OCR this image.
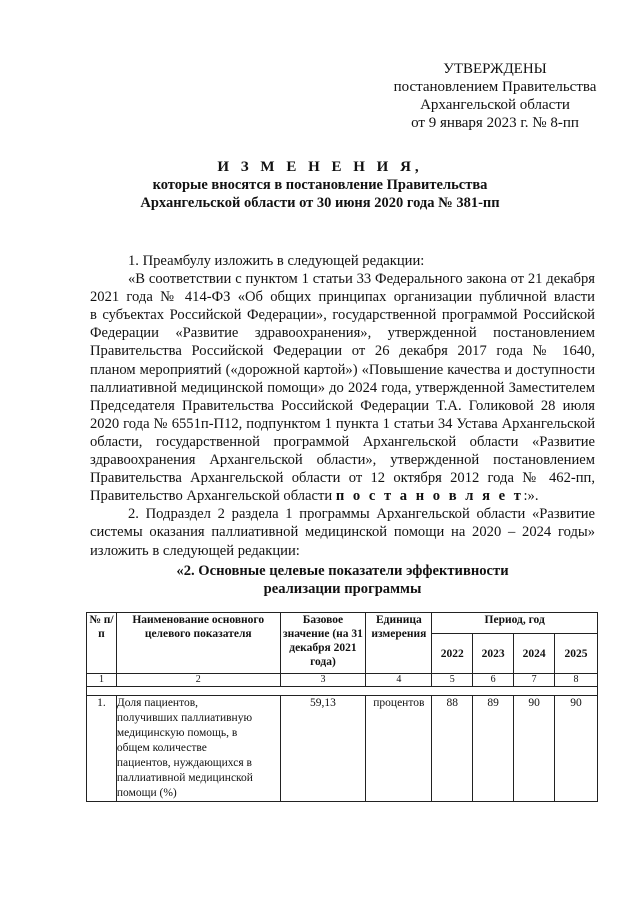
УТВЕРЖДЕНЫ
постановлением Правительства
Архангельской области
от 9 января 2023 г. № 8-пп
И З М Е Н Е Н И Я,
которые вносятся в постановление Правительства
Архангельской области от 30 июня 2020 года № 381-пп
1. Преамбулу изложить в следующей редакции:
«В соответствии с пунктом 1 статьи 33 Федерального закона от 21 декабря
2021 года № 414-ФЗ «Об общих принципах организации публичной власти
в субъектах Российской Федерации», государственной программой Российской
Федерации «Развитие здравоохранения», утвержденной постановлением
Правительства Российской Федерации от 26 декабря 2017 года № 1640,
планом мероприятий («дорожной картой») «Повышение качества и доступности
паллиативной медицинской помощи» до 2024 года, утвержденной Заместителем
Председателя Правительства Российской Федерации Т.А. Голиковой 28 июля
2020 года № 6551п-П12, подпунктом 1 пункта 1 статьи 34 Устава Архангельской
области, государственной программой Архангельской области «Развитие
здравоохранения Архангельской области», утвержденной постановлением
Правительства Архангельской области от 12 октября 2012 года № 462-пп,
Правительство Архангельской области п о с т а н о в л я е т:».
2. Подраздел 2 раздела 1 программы Архангельской области «Развитие
системы оказания паллиативной медицинской помощи на 2020 – 2024 годы»
изложить в следующей редакции:
«2. Основные целевые показатели эффективности
реализации программы
№ п/п	Наименование основного целевого показателя	Базовое значение (на 31 декабря 2021 года)	Единица измерения	Период, год			
				2022	2023	2024	2025
1	2	3	4	5	6	7	8

1.	Доля пациентов, получивших паллиативную медицинскую помощь, в общем количестве пациентов, нуждающихся в паллиативной медицинской помощи (%)	59,13	процентов	88	89	90	90
